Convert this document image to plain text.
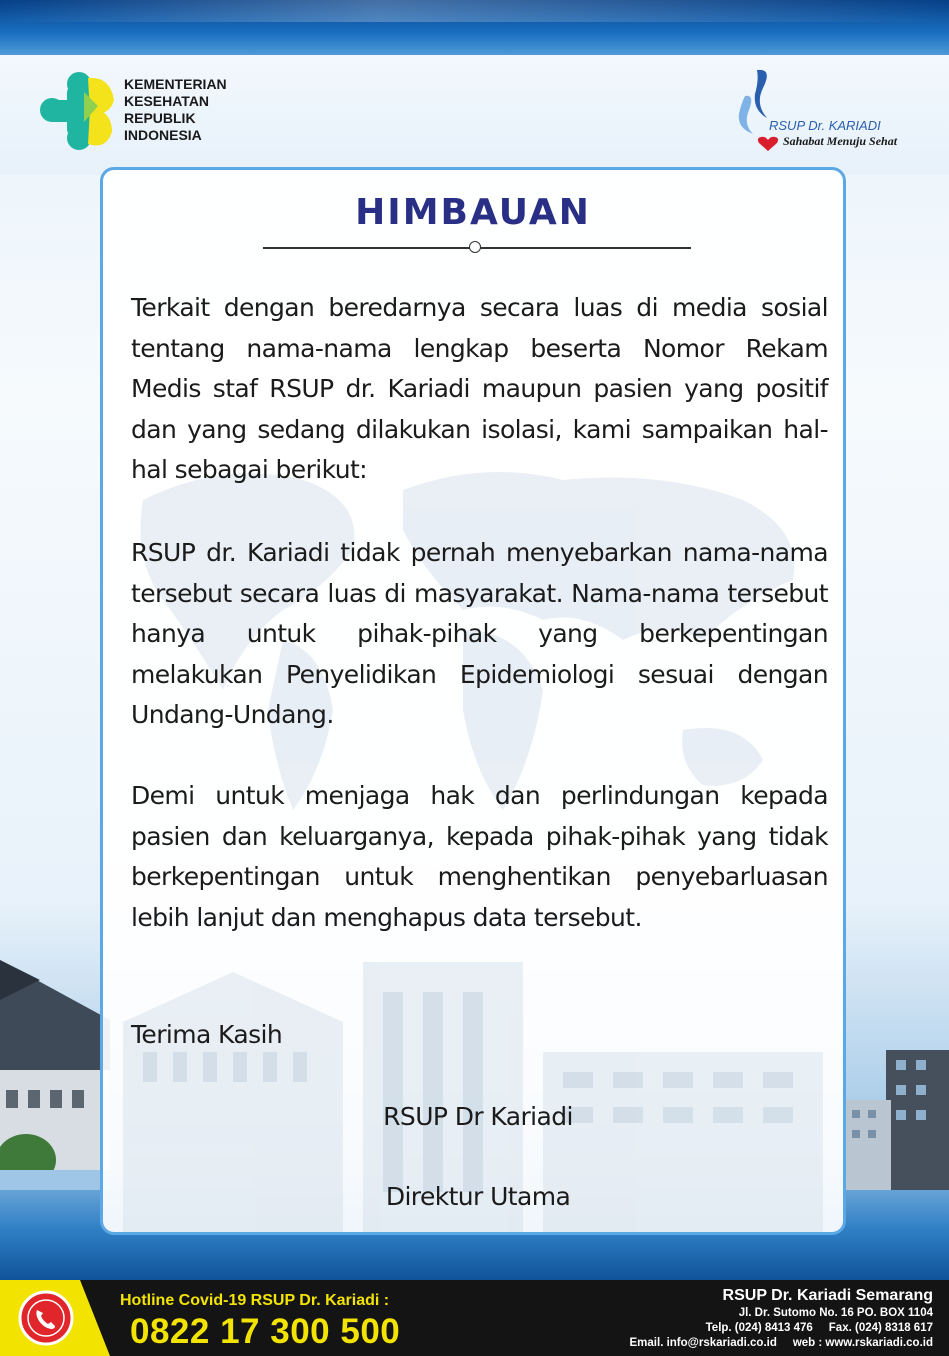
KEMENTERIAN
KESEHATAN
REPUBLIK
INDONESIA
RSUP Dr. KARIADI
Sahabat Menuju Sehat
HIMBAUAN
Terkait dengan beredarnya secara luas di media sosial tentang nama-nama lengkap beserta Nomor Rekam Medis staf RSUP dr. Kariadi maupun pasien yang positif dan yang sedang dilakukan isolasi, kami sampaikan hal-hal sebagai berikut:
RSUP dr. Kariadi tidak pernah menyebarkan nama-nama tersebut secara luas di masyarakat. Nama-nama tersebut hanya untuk pihak-pihak yang berkepentingan melakukan Penyelidikan Epidemiologi sesuai dengan Undang-Undang.
Demi untuk menjaga hak dan perlindungan kepada pasien dan keluarganya, kepada pihak-pihak yang tidak berkepentingan untuk menghentikan penyebarluasan lebih lanjut dan menghapus data tersebut.
Terima Kasih
RSUP Dr Kariadi
Direktur Utama
Hotline Covid-19 RSUP Dr. Kariadi :
0822 17 300 500
RSUP Dr. Kariadi Semarang
Jl. Dr. Sutomo No. 16 PO. BOX 1104
Telp. (024) 8413 476     Fax. (024) 8318 617
Email. info@rskariadi.co.id     web : www.rskariadi.co.id
